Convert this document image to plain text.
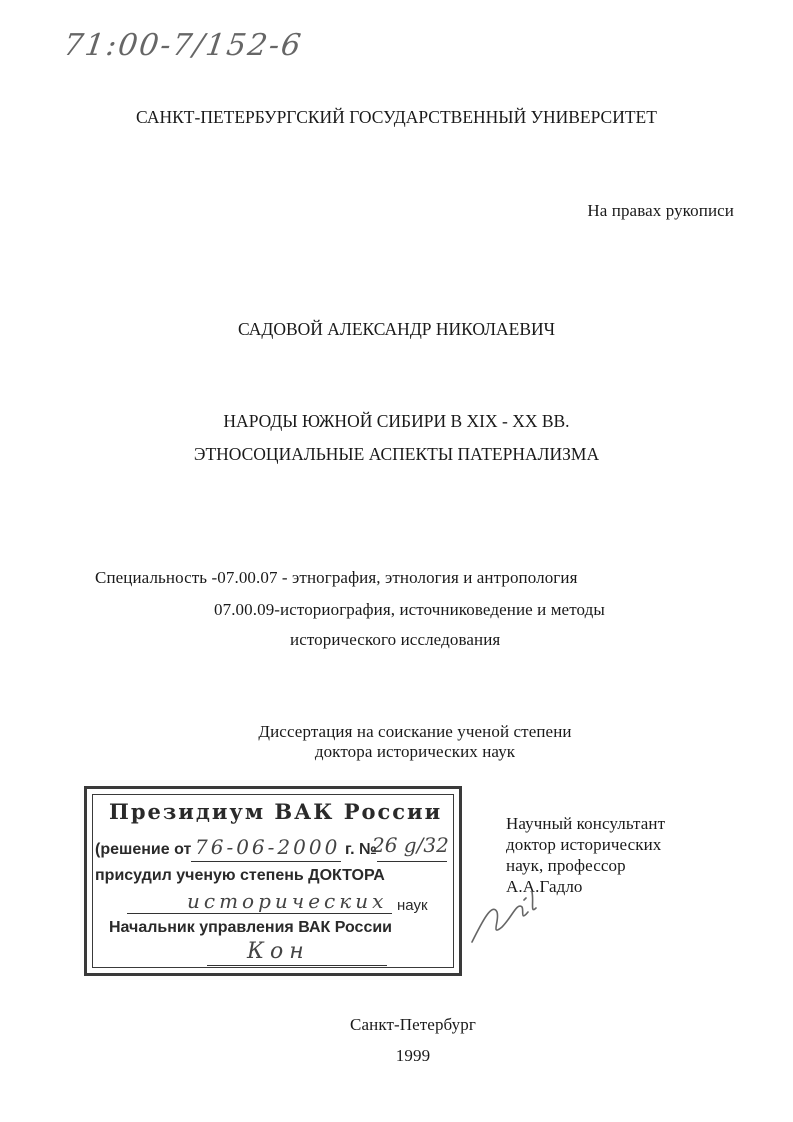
71:00-7/152-6
САНКТ-ПЕТЕРБУРГСКИЙ ГОСУДАРСТВЕННЫЙ УНИВЕРСИТЕТ
На правах рукописи
САДОВОЙ АЛЕКСАНДР НИКОЛАЕВИЧ
НАРОДЫ ЮЖНОЙ СИБИРИ В XIX - XX ВВ.
ЭТНОСОЦИАЛЬНЫЕ АСПЕКТЫ ПАТЕРНАЛИЗМА
Специальность -07.00.07 - этнография, этнология и антропология
07.00.09-историография, источниковедение и методы
исторического исследования
Диссертация на соискание ученой степени
доктора исторических наук
Научный консультант
доктор исторических
наук, профессор
А.А.Гадло
Президиум ВАК России
(решение от	г. №
76-06-2000 26 g/32
присудил ученую степень ДОКТОРА
исторических наук
Начальник управления ВАК России
Кон
Санкт-Петербург
1999
